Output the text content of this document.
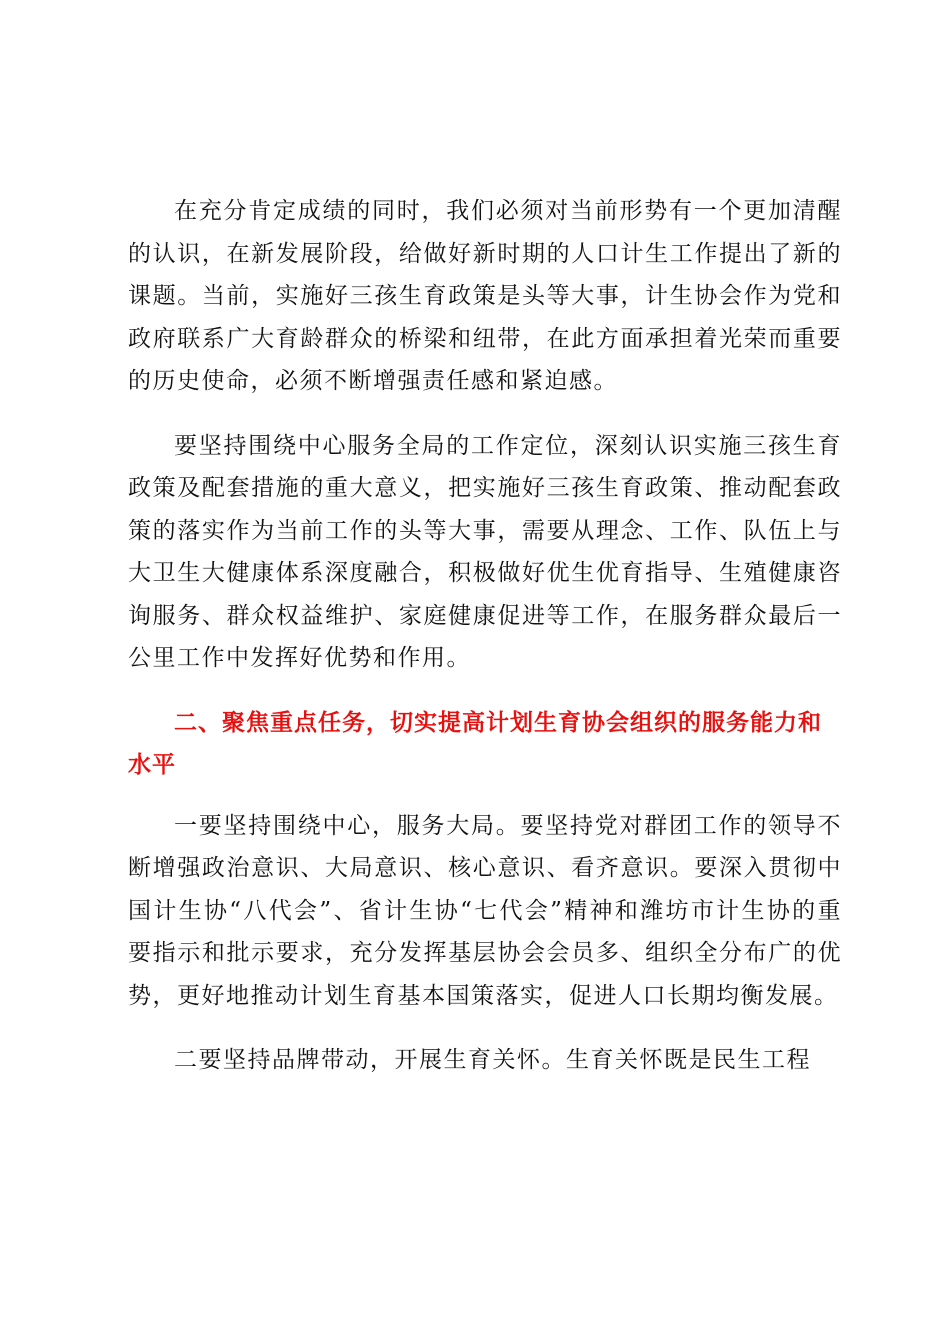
在充分肯定成绩的同时，我们必须对当前形势有一个更加清醒的认识，在新发展阶段，给做好新时期的人口计生工作提出了新的课题。当前，实施好三孩生育政策是头等大事，计生协会作为党和政府联系广大育龄群众的桥梁和纽带，在此方面承担着光荣而重要的历史使命，必须不断增强责任感和紧迫感。

要坚持围绕中心服务全局的工作定位，深刻认识实施三孩生育政策及配套措施的重大意义，把实施好三孩生育政策、推动配套政策的落实作为当前工作的头等大事，需要从理念、工作、队伍上与大卫生大健康体系深度融合，积极做好优生优育指导、生殖健康咨询服务、群众权益维护、家庭健康促进等工作，在服务群众最后一公里工作中发挥好优势和作用。

二、聚焦重点任务，切实提高计划生育协会组织的服务能力和水平

一要坚持围绕中心，服务大局。要坚持党对群团工作的领导不断增强政治意识、大局意识、核心意识、看齐意识。要深入贯彻中国计生协“八代会”、省计生协“七代会”精神和潍坊市计生协的重要指示和批示要求，充分发挥基层协会会员多、组织全分布广的优势，更好地推动计划生育基本国策落实，促进人口长期均衡发展。

二要坚持品牌带动，开展生育关怀。生育关怀既是民生工程
